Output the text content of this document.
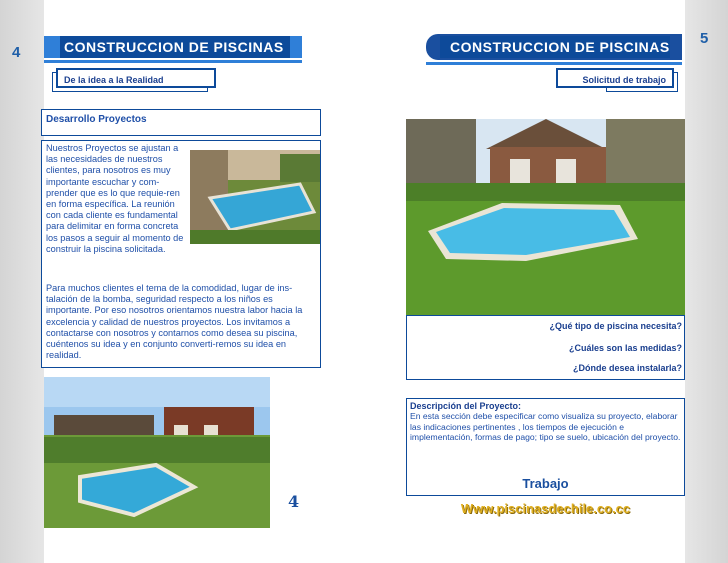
4
5
CONSTRUCCION DE PISCINAS
De la idea a la Realidad
Desarrollo Proyectos
Nuestros Proyectos se ajustan a las necesidades de nuestros clientes, para nosotros es muy importante escuchar y com-prender que es lo que requie-ren en forma específica. La reunión con cada cliente es fundamental para delimitar en forma concreta los pasos a seguir al momento de construir la piscina solicitada.
Para muchos clientes el tema de la comodidad, lugar de ins-talación de la bomba, seguridad respecto a los niños es importante. Por eso nosotros orientamos nuestra labor hacia la excelencia y calidad de nuestros proyectos. Los invitamos a contactarse con nosotros y contarnos como desea su piscina, cuéntenos su idea y en conjunto converti-remos su idea en realidad.
4
CONSTRUCCION DE PISCINAS
Solicitud de trabajo
¿Qué tipo de piscina necesita?
¿Cuáles son las medidas?
¿Dónde desea instalarla?
Descripción del Proyecto:
En esta sección debe especificar como visualiza su proyecto, elaborar las indicaciones pertinentes , los tiempos de ejecución e implementación, formas de pago; tipo se suelo, ubicación del proyecto.
Trabajo
Www.piscinasdechile.co.cc
